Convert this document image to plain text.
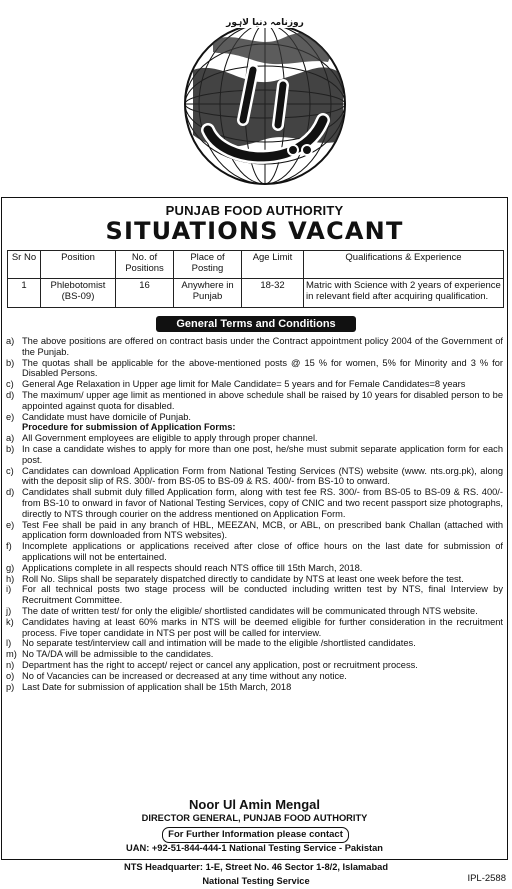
روزنامہ دنیا لاہور
PUNJAB FOOD AUTHORITY
SITUATIONS VACANT
Sr No	Position	No. of Positions	Place of Posting	Age Limit	Qualifications & Experience
1	Phlebotomist (BS-09)	16	Anywhere in Punjab	18-32	Matric with Science with 2 years of experience in relevant field after acquiring qualification.
General Terms and Conditions
a) The above positions are offered on contract basis under the Contract appointment policy 2004 of the Government of the Punjab.
b) The quotas shall be applicable for the above-mentioned posts @ 15 % for women, 5% for Minority and 3 % for Disabled Persons.
c) General Age Relaxation in Upper age limit for Male Candidate= 5 years and for Female Candidates=8 years
d) The maximum/ upper age limit as mentioned in above schedule shall be raised by 10 years for disabled person to be appointed against quota for disabled.
e) Candidate must have domicile of Punjab.
Procedure for submission of Application Forms:
a) All Government employees are eligible to apply through proper channel.
b) In case a candidate wishes to apply for more than one post, he/she must submit separate application form for each post.
c) Candidates can download Application Form from National Testing Services (NTS) website (www. nts.org.pk), along with the deposit slip of RS. 300/- from BS-05 to BS-09 & RS. 400/- from BS-10 to onward.
d) Candidates shall submit duly filled Application form, along with test fee RS. 300/- from BS-05 to BS-09 & RS. 400/- from BS-10 to onward in favor of National Testing Services, copy of CNIC and two recent passport size photographs, directly to NTS through courier on the address mentioned on Application Form.
e) Test Fee shall be paid in any branch of HBL, MEEZAN, MCB, or ABL, on prescribed bank Challan (attached with application form downloaded from NTS websites).
f) Incomplete applications or applications received after close of office hours on the last date for submission of applications will not be entertained.
g) Applications complete in all respects should reach NTS office till 15th March, 2018.
h) Roll No. Slips shall be separately dispatched directly to candidate by NTS at least one week before the test.
i) For all technical posts two stage process will be conducted including written test by NTS, final Interview by Recruitment Committee.
j) The date of written test/ for only the eligible/ shortlisted candidates will be communicated through NTS website.
k) Candidates having at least 60% marks in NTS will be deemed eligible for further consideration in the recruitment process. Five toper candidate in NTS per post will be called for interview.
l) No separate test/interview call and intimation will be made to the eligible /shortlisted candidates.
m) No TA/DA will be admissible to the candidates.
n) Department has the right to accept/ reject or cancel any application, post or recruitment process.
o) No of Vacancies can be increased or decreased at any time without any notice.
p) Last Date for submission of application shall be 15th March, 2018
Noor Ul Amin Mengal
DIRECTOR GENERAL, PUNJAB FOOD AUTHORITY
For Further Information please contact
UAN: +92-51-844-444-1 National Testing Service - Pakistan
NTS Headquarter: 1-E, Street No. 46 Sector 1-8/2, Islamabad
National Testing Service	IPL-2588
